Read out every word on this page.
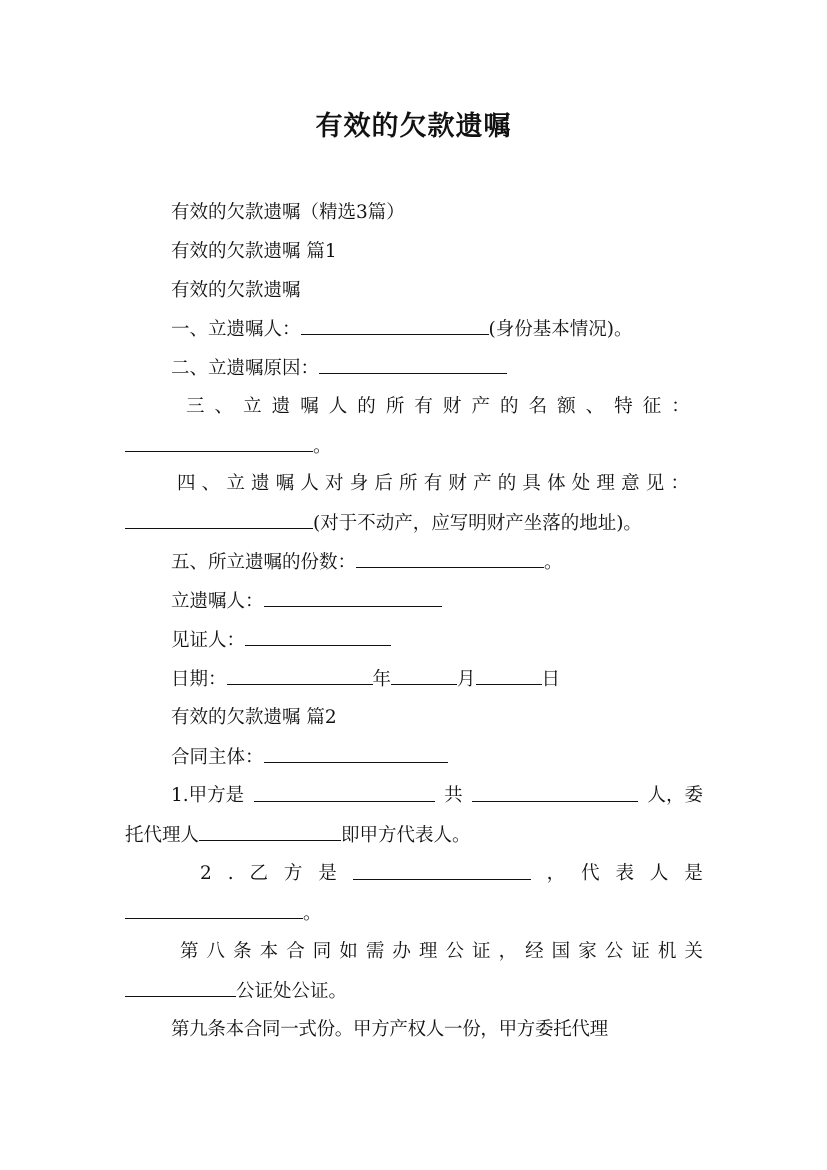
有效的欠款遗嘱
有效的欠款遗嘱（精选3篇）
有效的欠款遗嘱 篇1
有效的欠款遗嘱
一、立遗嘱人：	(身份基本情况)。
二、立遗嘱原因：
三 、 立 遗 嘱 人 的 所 有 财 产 的 名 额 、 特 征 ：
。
四 、 立 遗 嘱 人 对 身 后 所 有 财 产 的 具 体 处 理 意 见 ：
(对于不动产，应写明财产坐落的地址)。
五、所立遗嘱的份数：	。
立遗嘱人：
见证人：
日期：	年	月	日
有效的欠款遗嘱 篇2
合同主体：
1.甲方是	共	人，委
托代理人	即甲方代表人。
2 . 乙 方 是	， 代 表 人 是
。
第 八 条 本 合 同 如 需 办 理 公 证 ， 经 国 家 公 证 机 关
公证处公证。
第九条本合同一式份。甲方产权人一份，甲方委托代理
